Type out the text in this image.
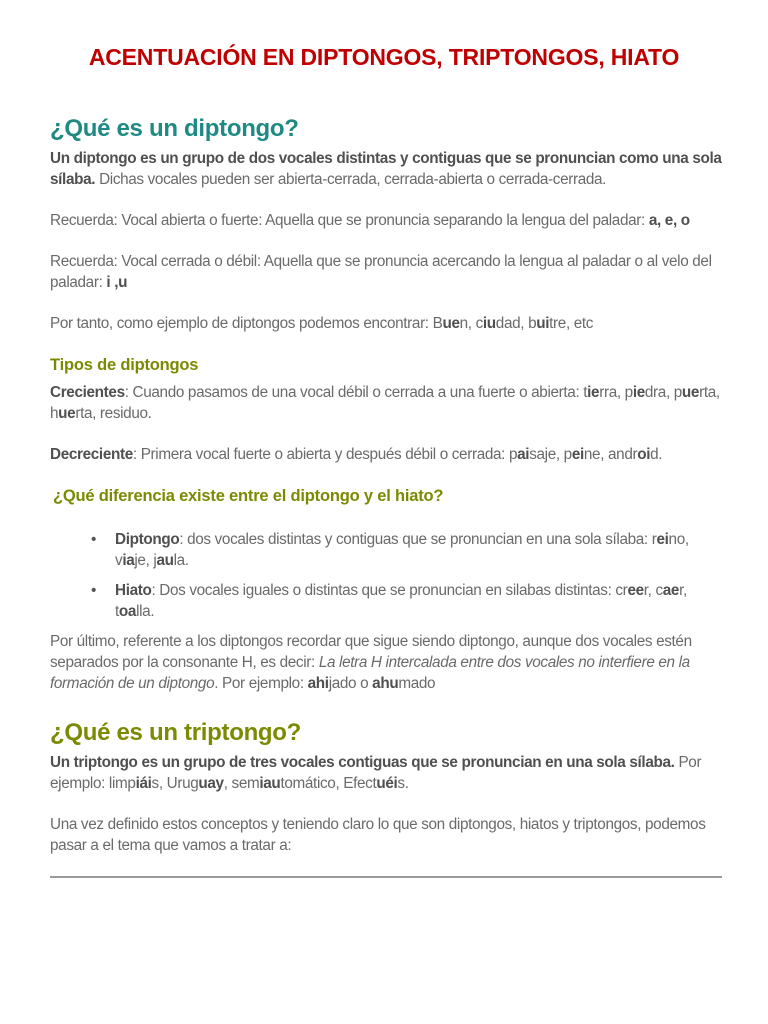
ACENTUACIÓN EN DIPTONGOS, TRIPTONGOS, HIATO
¿Qué es un diptongo?

Un diptongo es un grupo de dos vocales distintas y contiguas que se pronuncian como una sola sílaba. Dichas vocales pueden ser abierta-cerrada, cerrada-abierta o cerrada-cerrada.

Recuerda: Vocal abierta o fuerte: Aquella que se pronuncia separando la lengua del paladar: a, e, o

Recuerda: Vocal cerrada o débil: Aquella que se pronuncia acercando la lengua al paladar o al velo del paladar: i ,u

Por tanto, como ejemplo de diptongos podemos encontrar: Buen, ciudad, buitre, etc

Tipos de diptongos

Crecientes: Cuando pasamos de una vocal débil o cerrada a una fuerte o abierta: tierra, piedra, puerta, huerta, residuo.

Decreciente: Primera vocal fuerte o abierta y después débil o cerrada: paisaje, peine, android.

¿Qué diferencia existe entre el diptongo y el hiato?
• Diptongo: dos vocales distintas y contiguas que se pronuncian en una sola sílaba: reino, viaje, jaula.
• Hiato: Dos vocales iguales o distintas que se pronuncian en silabas distintas: creer, caer, toalla.

Por último, referente a los diptongos recordar que sigue siendo diptongo, aunque dos vocales estén separados por la consonante H, es decir: La letra H intercalada entre dos vocales no interfiere en la formación de un diptongo. Por ejemplo: ahijado o ahumado

¿Qué es un triptongo?

Un triptongo es un grupo de tres vocales contiguas que se pronuncian en una sola sílaba. Por ejemplo: limpiáis, Uruguay, semiautomático, Efectuéis.

Una vez definido estos conceptos y teniendo claro lo que son diptongos, hiatos y triptongos, podemos pasar a el tema que vamos a tratar a:
